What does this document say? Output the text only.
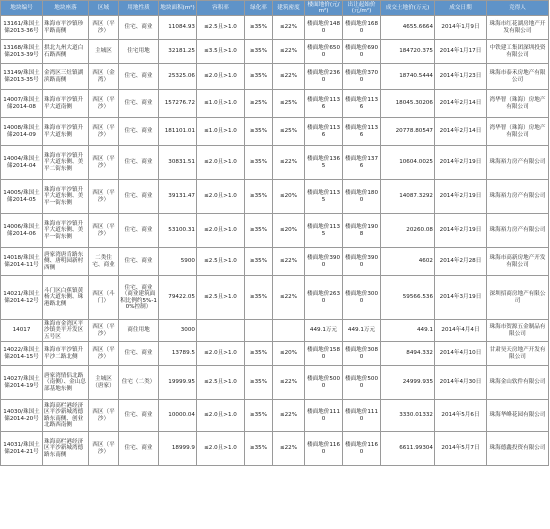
地块编号	地块座落	区域	用地性质	地块面积(m²)	容积率	绿化率	建筑密度	楼面地价(元/m²)	出让起始价(元/m²)	成交土地价(万元)	成交日期	竞得人
13161/珠国土储2013-36号	珠海市平沙镇珍平路南侧	西区（平沙）	住宅、商业	11084.93	≤2.5且>1.0	≥35%	≤22%	楼面地价1480	楼面地价1680	4655.6664	2014年1月9日	珠海市红花湖房地产开发有限公司
13168/珠国土储2013-39号	拱北九州大道白石路西侧	主城区	住宅用地	32181.25	≤3.5且>1.0	≥35%	≤22%	楼面地价6500	楼面地价6900	184720.375	2014年1月17日	中铁建工集团深圳投资有限公司
13149/珠国土储2013-35号	金湾区三灶镇湖滨路南侧	西区（金湾）	住宅、商业	25325.06	≤2.0且>1.0	≥35%	≤22%	楼面地价2360	楼面地价3700	18740.5444	2014年1月23日	珠海市泰禾房地产有限公司
14007/珠国土储2014-08	珠海市平沙镇升平大道南侧	西区（平沙）	住宅、商业	157276.72	≤1.0且>1.0	≥25%	≤25%	楼面地价1136	楼面地价1136	18045.30206	2014年2月14日	湾华智（珠海）房地产有限公司
14008/珠国土储2014-09	珠海市平沙镇升平大道东侧	西区（平沙）	住宅、商业	181101.01	≤1.0且>1.0	≥35%	≤25%	楼面地价1136	楼面地价1136	20778.80547	2014年2月14日	湾华智（珠海）房地产有限公司
14004/珠国土储2014-04	珠海市平沙镇升平大道东侧、美平二街东侧	西区（平沙）	住宅、商业	30831.51	≤2.0且>1.0	≥35%	≤22%	楼面地价1365	楼面地价1376	10604.0025	2014年2月19日	珠海裕力房产有限公司
14005/珠国土储2014-05	珠海市平沙镇升平大道东侧、美平一街东侧	西区（平沙）	住宅、商业	39131.47	≤2.0且>1.0	≥35%	≤20%	楼面地价1135	楼面地价1800	14087.3292	2014年2月19日	珠海裕力房产有限公司
14006/珠国土储2014-06	珠海市平沙镇升平大道东侧、美平一街东侧	西区（平沙）	住宅、商业	53100.31	≤2.0且>1.0	≥35%	≤20%	楼面地价1135	楼面地价1908	20260.08	2014年2月19日	珠海裕力房产有限公司
14018/珠国土储2014-11号	唐家湾唐肯路东侧、唐明园新村西侧	二类住宅、商业	住宅、商业	5900	≤2.5且>1.0	≥35%	≤22%	楼面地价3900	楼面地价3900	4602	2014年2月28日	珠海市高新房地产开发有限公司
14021/珠国土储2014-12号	斗门区白蕉镇黄杨大道东侧、珠港路北侧	西区（斗门）	住宅、商业（商业建筑面积比例约5%-10%控制）	79422.05	≤2.5且>1.0	≥35%	≤22%	楼面地价2630	楼面地价3000	59566.536	2014年3月19日	深圳招商房地产有限公司
14017	珠海市金湾区平沙镇美平开发区五号区	西区（平沙）	商住用地	3000				449.1万元	449.1万元	449.1	2014年4月4日	珠海市贺源五金制品有限公司
14022/珠国土储2014-15号	珠海市平沙镇升平沙二路北侧	西区（平沙）	住宅、商业	13789.5	≤2.0且>1.0	≥35%	≤20%	楼面地价1580	楼面地价3080	8494.332	2014年4月10日	甘肃昊天房地产开发有限公司
14027/珠国土储2014-19号	唐家湾情侣北路（南侧）、金山总部基地东侧	主城区（唐家）	住宅（二类）	19999.95	≤2.5且>1.0	≥35%	≤22%	楼面地价5000	楼面地价5000	24999.935	2014年4月30日	珠海金山软件有限公司
14030/珠国土储2014-20号	珠海高栏港经济区平沙新城湾德路东南侧、创业北路西南侧	西区（平沙）	住宅、商业	10000.04	≤2.0且>1.0	≥35%	≤22%	楼面地价1110	楼面地价1110	3330.01332	2014年5月6日	珠海华峰花园有限公司
14031/珠国土储2014-21号	珠海高栏港经济区平沙新城湾德路东南侧	西区（平沙）	住宅、商业	18999.9	≤2.0且>1.0	≥35%	≤22%	楼面地价1160	楼面地价1160	6611.99304	2014年5月7日	珠海德鑫投资有限公司
